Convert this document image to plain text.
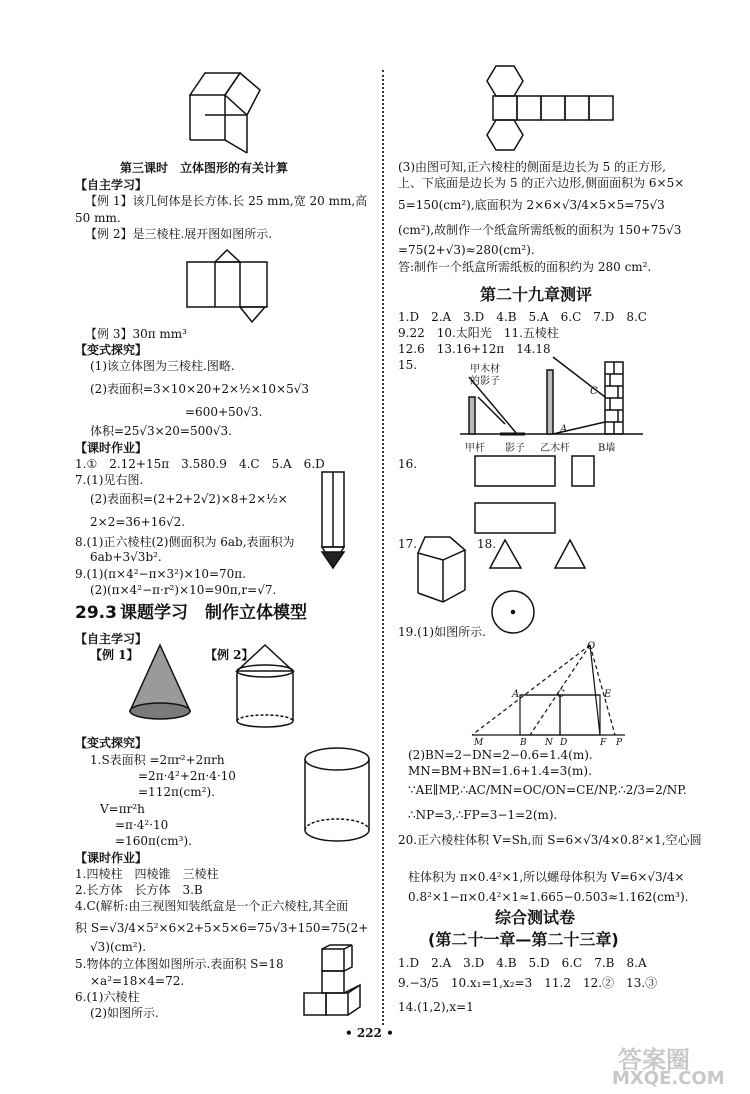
第三课时　立体图形的有关计算
【自主学习】
【例 1】该几何体是长方体.长 25 mm,宽 20 mm,高
50 mm.
【例 2】是三棱柱.展开图如图所示.
【例 3】30π mm³
【变式探究】
(1)该立体图为三棱柱.图略.
(2)表面积=3×10×20+2×½×10×5√3
=600+50√3.
体积=25√3×20=500√3.
【课时作业】
1.①　2.12+15π　3.580.9　4.C　5.A　6.D
7.(1)见右图.
(2)表面积=(2+2+2√2)×8+2×½×
2×2=36+16√2.
8.(1)正六棱柱(2)侧面积为 6ab,表面积为
6ab+3√3b².
9.(1)(π×4²−π×3²)×10=70π.
(2)(π×4²−π·r²)×10=90π,r=√7.
29.3 课题学习　制作立体模型
【自主学习】
【例 1】	【例 2】
【变式探究】
1.S表面积 =2πr²+2πrh
=2π·4²+2π·4·10
=112π(cm²).
V=πr²h
=π·4²·10
=160π(cm³).
【课时作业】
1.四棱柱　四棱锥　三棱柱
2.长方体　长方体　3.B
4.C(解析:由三视图知装纸盒是一个正六棱柱,其全面
积 S=√3/4×5²×6×2+5×5×6=75√3+150=75(2+
√3)(cm²).
5.物体的立体图如图所示.表面积 S=18
×a²=18×4=72.
6.(1)六棱柱
(2)如图所示.
(3)由图可知,正六棱柱的侧面是边长为 5 的正方形,
上、下底面是边长为 5 的正六边形,侧面面积为 6×5×
5=150(cm²),底面积为 2×6×√3/4×5×5=75√3
(cm²),故制作一个纸盒所需纸板的面积为 150+75√3
=75(2+√3)≈280(cm²).
答:制作一个纸盒所需纸板的面积约为 280 cm².
第二十九章测评
1.D　2.A　3.D　4.B　5.A　6.C　7.D　8.C
9.22　10.太阳光　11.五棱柱
12.6　13.16+12π　14.18
15.	甲木材
的影子
C
A
甲杆 影子 乙木杆	B墙
16.
17.	18.
19.(1)如图所示.
O
A	C	E
M	B N D	F P
(2)BN=2−DN=2−0.6=1.4(m).
MN=BM+BN=1.6+1.4=3(m).
∵AE∥MP,∴AC/MN=OC/ON=CE/NP,∴2/3=2/NP.
∴NP=3,∴FP=3−1=2(m).
20.正六棱柱体积 V=Sh,而 S=6×√3/4×0.8²×1,空心圆
柱体积为 π×0.4²×1,所以螺母体积为 V=6×√3/4×
0.8²×1−π×0.4²×1≈1.665−0.503≈1.162(cm³).
综合测试卷
(第二十一章—第二十三章)
1.D　2.A　3.D　4.B　5.D　6.C　7.B　8.A
9.−3/5　10.x₁=1,x₂=3　11.2　12.②　13.③
14.(1,2),x=1
• 222 •
答案圈
MXQE.COM
